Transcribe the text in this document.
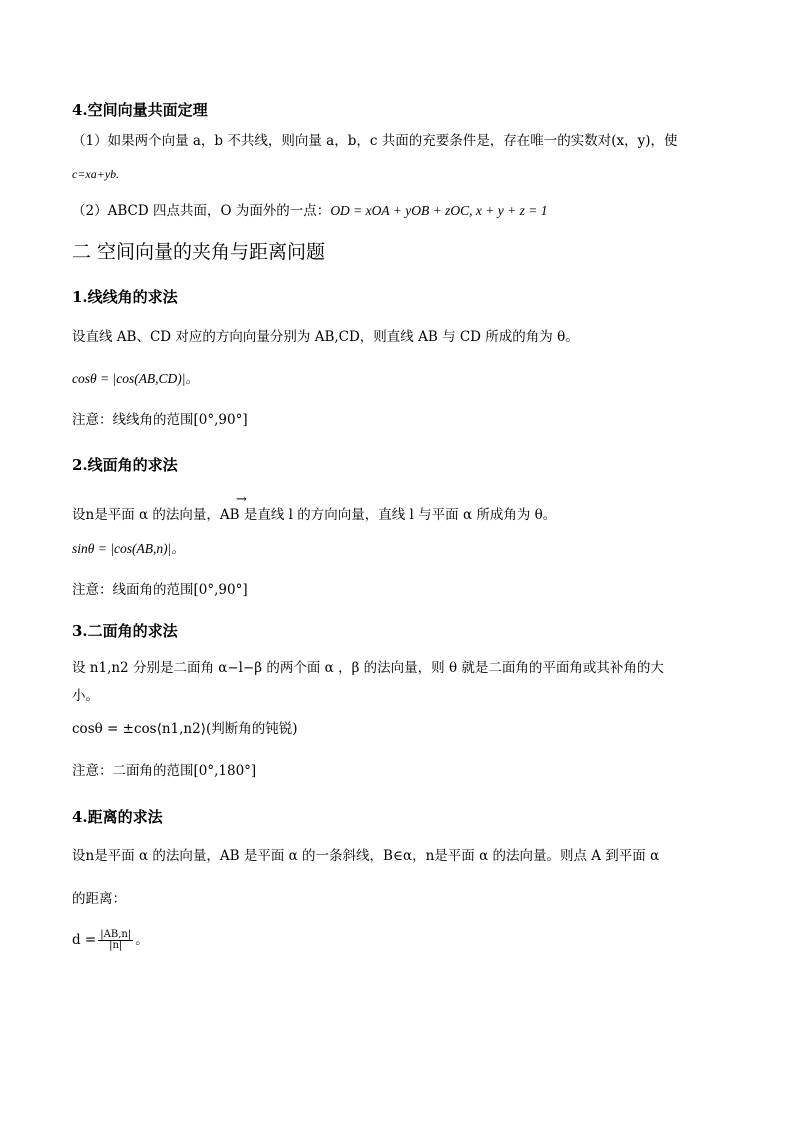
4.空间向量共面定理
（1）如果两个向量 a，b 不共线，则向量 a，b，c 共面的充要条件是，存在唯一的实数对(x，y)，使
c=xa+yb.
（2）ABCD 四点共面，O 为面外的一点：OD = xOA + yOB + zOC, x + y + z = 1
二 空间向量的夹角与距离问题
1.线线角的求法
设直线 AB、CD 对应的方向向量分别为 AB,CD，则直线 AB 与 CD 所成的角为 θ。
cosθ = |cos(AB,CD)|。
注意：线线角的范围[0°,90°]
2.线面角的求法
→
设n是平面 α 的法向量，AB 是直线 l 的方向向量，直线 l 与平面 α 所成角为 θ。
sinθ = |cos(AB,n)|。
注意：线面角的范围[0°,90°]
3.二面角的求法
设 n1,n2 分别是二面角 α−l−β 的两个面 α ，β 的法向量，则 θ 就是二面角的平面角或其补角的大
小。
cosθ = ±cos⟨n1,n2⟩(判断角的钝锐)
注意：二面角的范围[0°,180°]
4.距离的求法
设n是平面 α 的法向量，AB 是平面 α 的一条斜线，B∈α，n是平面 α 的法向量。则点 A 到平面 α
的距离：
$d = \frac{|AB,n|}{|n|}$ 。
